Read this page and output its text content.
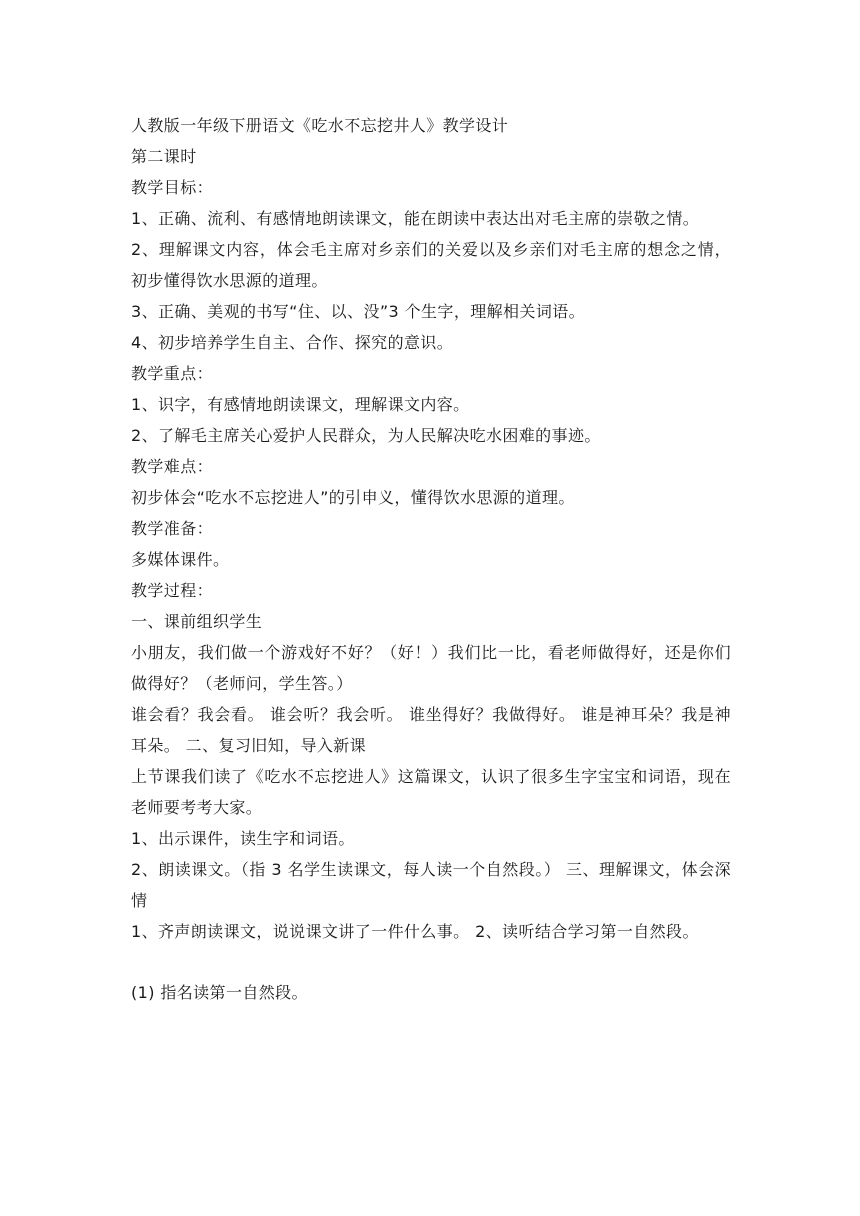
人教版一年级下册语文《吃水不忘挖井人》教学设计

第二课时

教学目标：

1、正确、流利、有感情地朗读课文，能在朗读中表达出对毛主席的崇敬之情。

2、理解课文内容，体会毛主席对乡亲们的关爱以及乡亲们对毛主席的想念之情，初步懂得饮水思源的道理。

3、正确、美观的书写“住、以、没”3 个生字，理解相关词语。

4、初步培养学生自主、合作、探究的意识。

教学重点：

1、识字，有感情地朗读课文，理解课文内容。

2、了解毛主席关心爱护人民群众，为人民解决吃水困难的事迹。

教学难点：

初步体会“吃水不忘挖进人”的引申义，懂得饮水思源的道理。

教学准备：

多媒体课件。

教学过程：

一、课前组织学生

小朋友，我们做一个游戏好不好？（好！）我们比一比，看老师做得好，还是你们做得好？（老师问，学生答。）

谁会看？我会看。 谁会听？我会听。 谁坐得好？我做得好。 谁是神耳朵？我是神耳朵。 二、复习旧知，导入新课

上节课我们读了《吃水不忘挖进人》这篇课文，认识了很多生字宝宝和词语，现在老师要考考大家。

1、出示课件，读生字和词语。

2、朗读课文。（指 3 名学生读课文，每人读一个自然段。） 三、理解课文，体会深情

1、齐声朗读课文，说说课文讲了一件什么事。 2、读听结合学习第一自然段。

(1) 指名读第一自然段。
